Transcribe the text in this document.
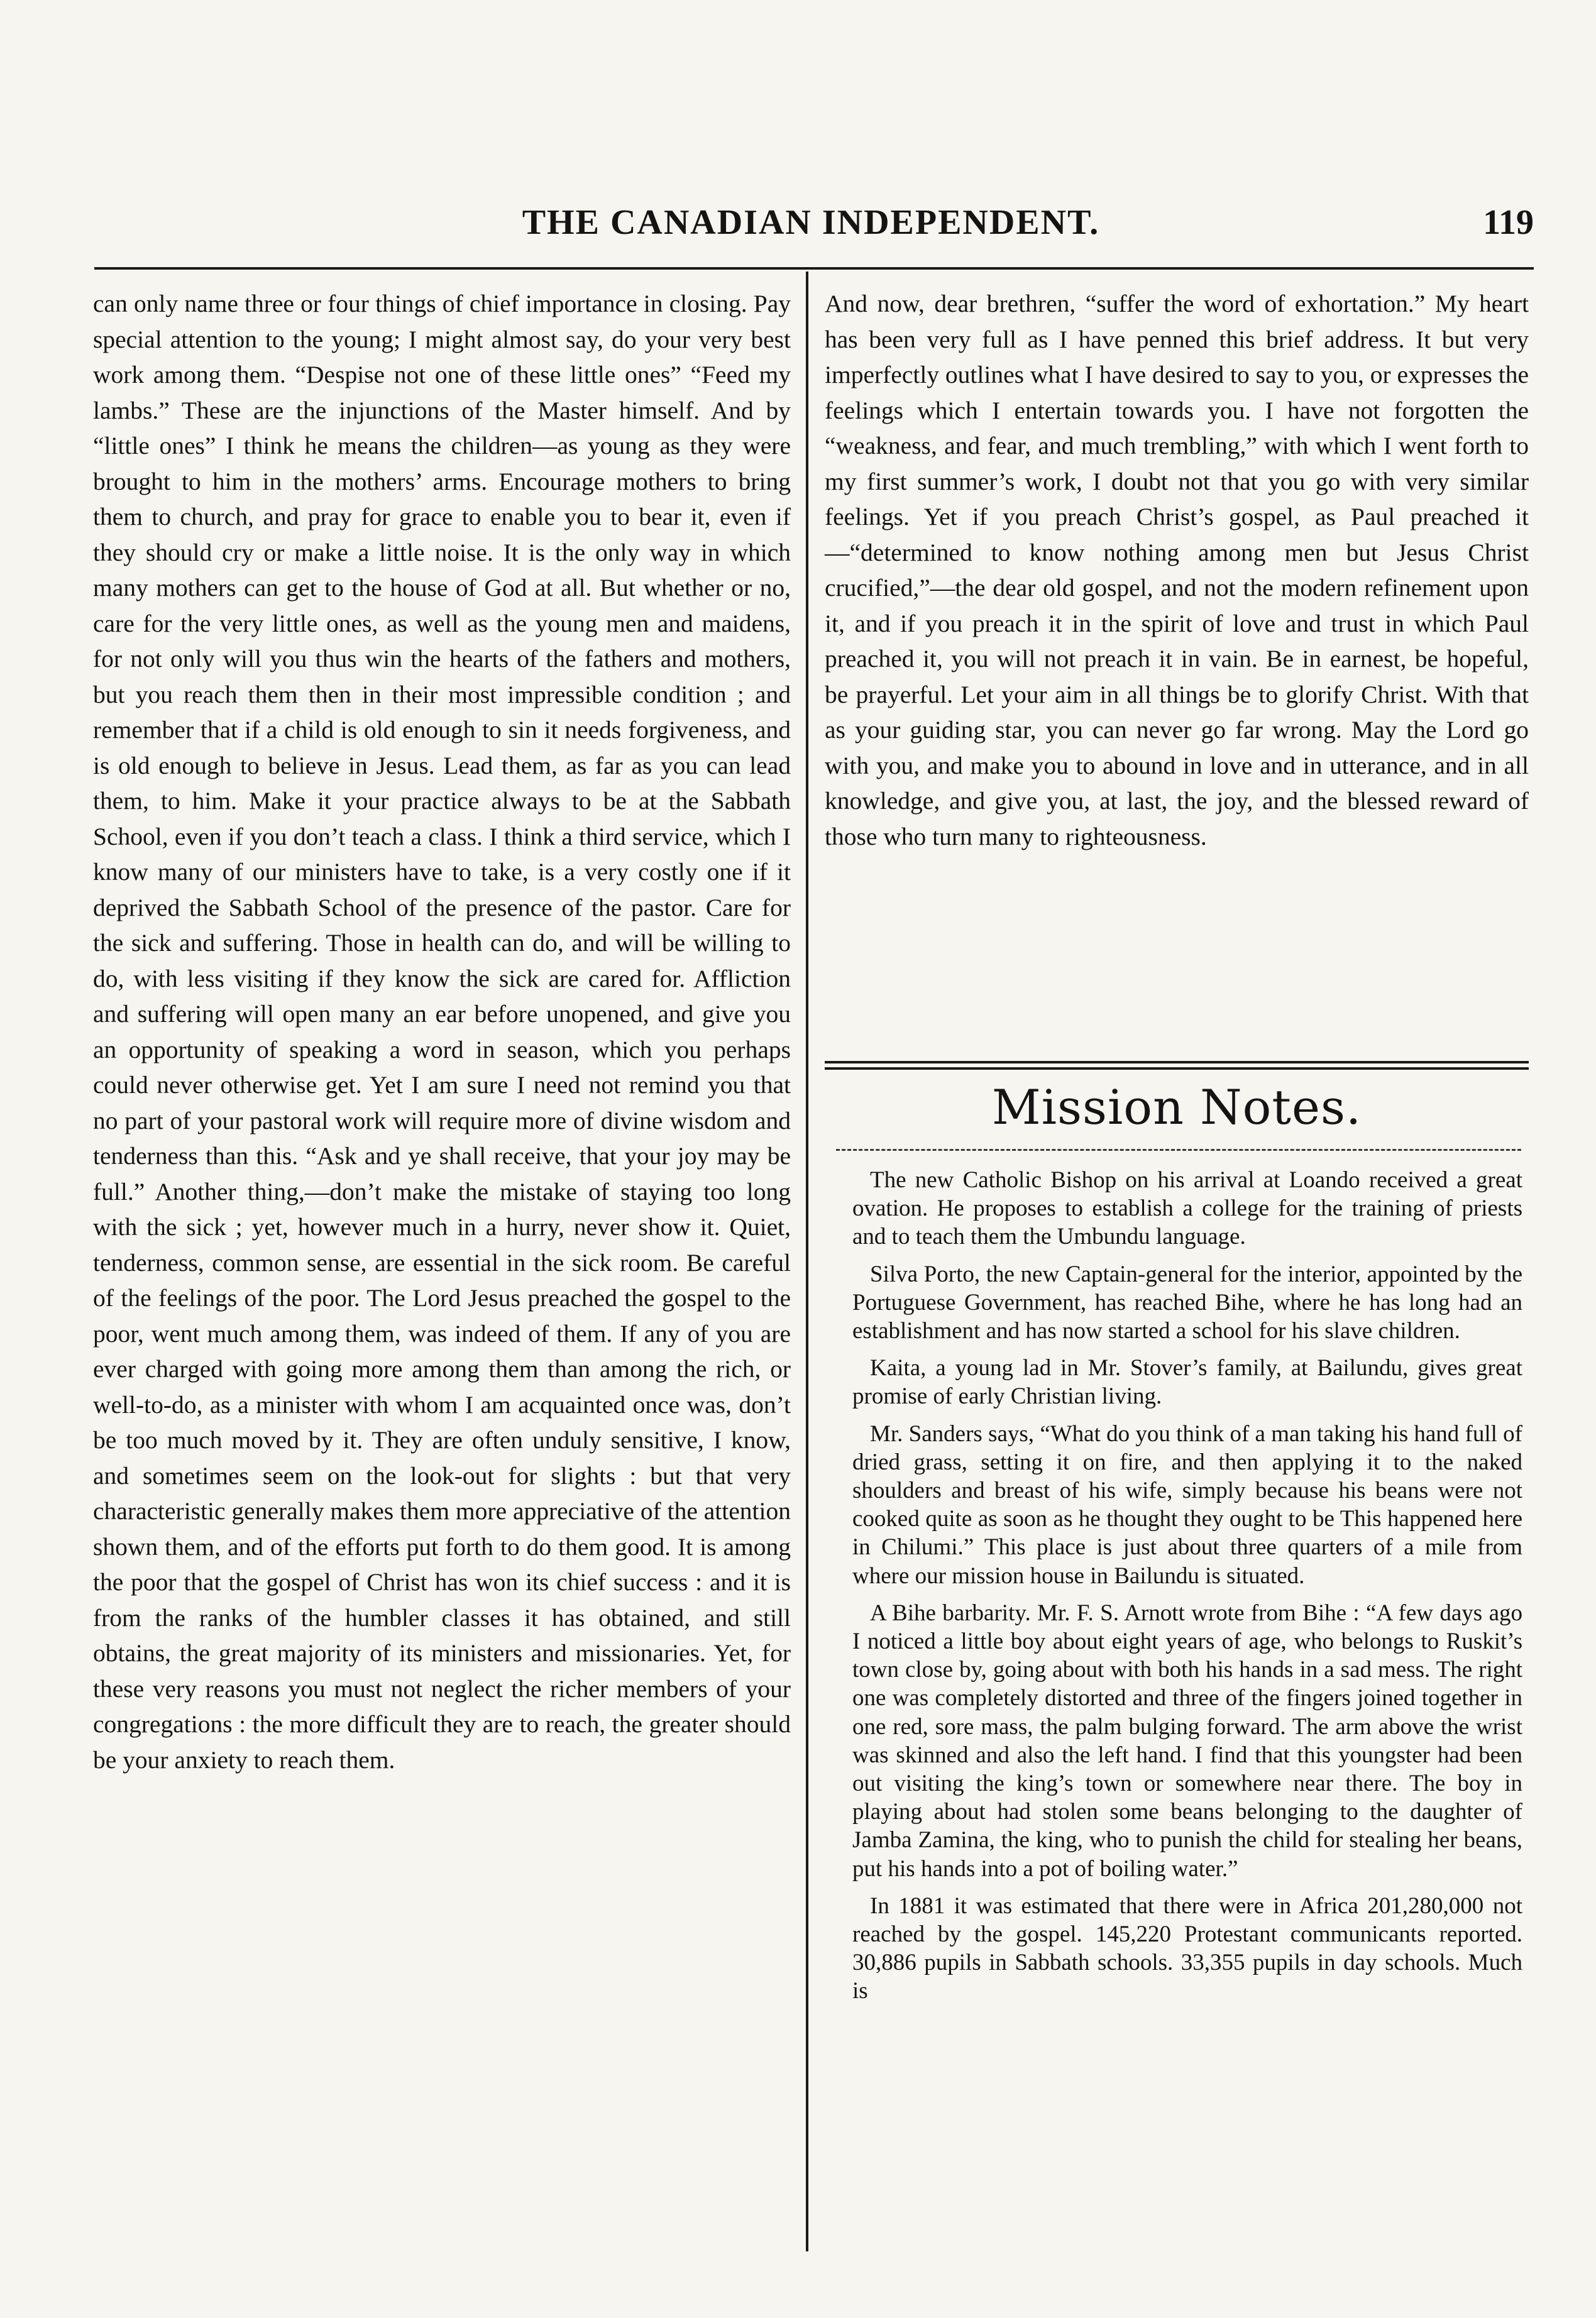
THE CANADIAN INDEPENDENT.	119

can only name three or four things of chief importance in closing. Pay special attention to the young; I might almost say, do your very best work among them. “Despise not one of these little ones” “Feed my lambs.” These are the injunctions of the Master himself. And by “little ones” I think he means the children—as young as they were brought to him in the mothers’ arms. Encourage mothers to bring them to church, and pray for grace to enable you to bear it, even if they should cry or make a little noise. It is the only way in which many mothers can get to the house of God at all. But whether or no, care for the very little ones, as well as the young men and maidens, for not only will you thus win the hearts of the fathers and mothers, but you reach them then in their most impressible condition ; and remember that if a child is old enough to sin it needs forgiveness, and is old enough to believe in Jesus. Lead them, as far as you can lead them, to him. Make it your practice always to be at the Sabbath School, even if you don’t teach a class. I think a third service, which I know many of our ministers have to take, is a very costly one if it deprived the Sabbath School of the presence of the pastor. Care for the sick and suffering. Those in health can do, and will be willing to do, with less visiting if they know the sick are cared for. Affliction and suffering will open many an ear before unopened, and give you an opportunity of speaking a word in season, which you perhaps could never otherwise get. Yet I am sure I need not remind you that no part of your pastoral work will require more of divine wisdom and tenderness than this. “Ask and ye shall receive, that your joy may be full.” Another thing,—don’t make the mistake of staying too long with the sick ; yet, however much in a hurry, never show it. Quiet, tenderness, common sense, are essential in the sick room. Be careful of the feelings of the poor. The Lord Jesus preached the gospel to the poor, went much among them, was indeed of them. If any of you are ever charged with going more among them than among the rich, or well-to-do, as a minister with whom I am acquainted once was, don’t be too much moved by it. They are often unduly sensitive, I know, and sometimes seem on the look-out for slights : but that very characteristic generally makes them more appreciative of the attention shown them, and of the efforts put forth to do them good. It is among the poor that the gospel of Christ has won its chief success : and it is from the ranks of the humbler classes it has obtained, and still obtains, the great majority of its ministers and missionaries. Yet, for these very reasons you must not neglect the richer members of your congregations : the more difficult they are to reach, the greater should be your anxiety to reach them.

And now, dear brethren, “suffer the word of exhortation.” My heart has been very full as I have penned this brief address. It but very imperfectly outlines what I have desired to say to you, or expresses the feelings which I entertain towards you. I have not forgotten the “weakness, and fear, and much trembling,” with which I went forth to my first summer’s work, I doubt not that you go with very similar feelings. Yet if you preach Christ’s gospel, as Paul preached it—“determined to know nothing among men but Jesus Christ crucified,”—the dear old gospel, and not the modern refinement upon it, and if you preach it in the spirit of love and trust in which Paul preached it, you will not preach it in vain. Be in earnest, be hopeful, be prayerful. Let your aim in all things be to glorify Christ. With that as your guiding star, you can never go far wrong. May the Lord go with you, and make you to abound in love and in utterance, and in all knowledge, and give you, at last, the joy, and the blessed reward of those who turn many to righteousness.

Mission Notes.

The new Catholic Bishop on his arrival at Loando received a great ovation. He proposes to establish a college for the training of priests and to teach them the Umbundu language.

Silva Porto, the new Captain-general for the interior, appointed by the Portuguese Government, has reached Bihe, where he has long had an establishment and has now started a school for his slave children.

Kaita, a young lad in Mr. Stover’s family, at Bailundu, gives great promise of early Christian living.

Mr. Sanders says, “What do you think of a man taking his hand full of dried grass, setting it on fire, and then applying it to the naked shoulders and breast of his wife, simply because his beans were not cooked quite as soon as he thought they ought to be This happened here in Chilumi.” This place is just about three quarters of a mile from where our mission house in Bailundu is situated.

A Bihe barbarity. Mr. F. S. Arnott wrote from Bihe : “A few days ago I noticed a little boy about eight years of age, who belongs to Ruskit’s town close by, going about with both his hands in a sad mess. The right one was completely distorted and three of the fingers joined together in one red, sore mass, the palm bulging forward. The arm above the wrist was skinned and also the left hand. I find that this youngster had been out visiting the king’s town or somewhere near there. The boy in playing about had stolen some beans belonging to the daughter of Jamba Zamina, the king, who to punish the child for stealing her beans, put his hands into a pot of boiling water.”

In 1881 it was estimated that there were in Africa 201,280,000 not reached by the gospel. 145,220 Protestant communicants reported. 30,886 pupils in Sabbath schools. 33,355 pupils in day schools. Much is
